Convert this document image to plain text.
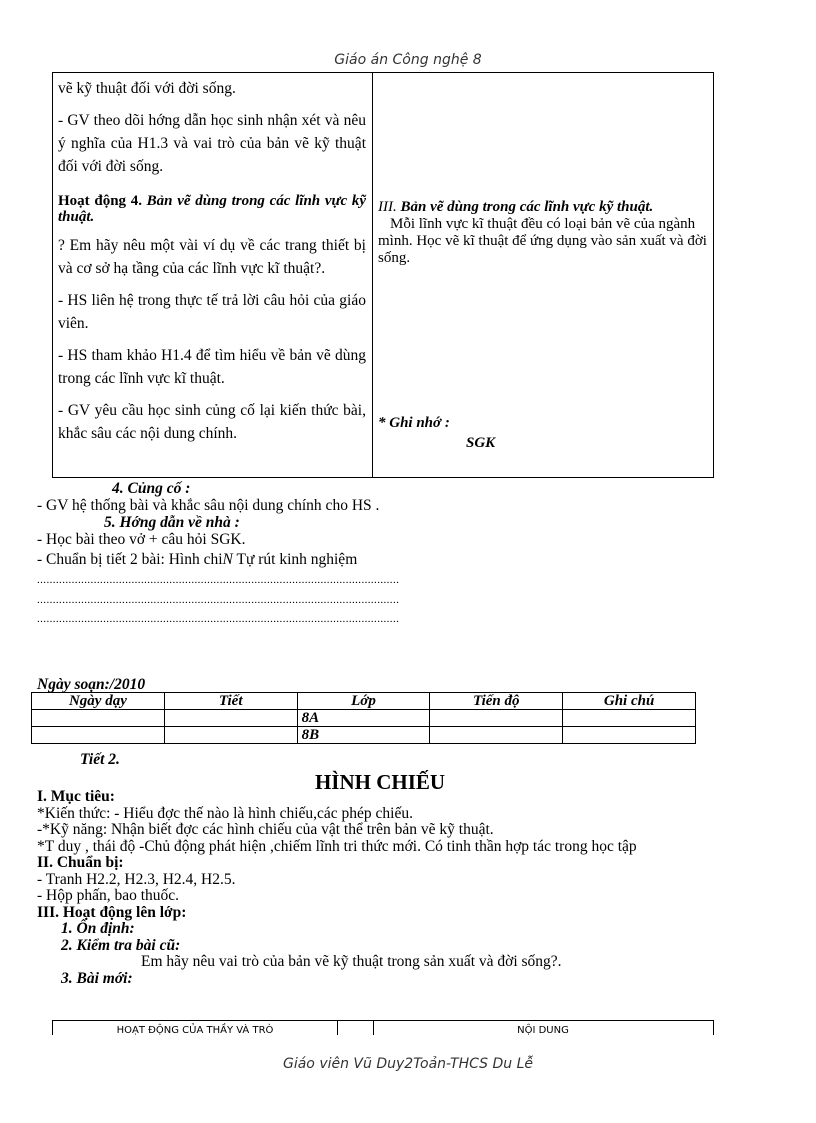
Giáo án Công nghệ 8

vẽ kỹ thuật đối với đời sống.

- GV theo dõi hớng dẫn học sinh nhận xét và nêu ý nghĩa của H1.3 và vai trò của bản vẽ kỹ thuật đối với đời sống.

Hoạt động 4. Bản vẽ dùng trong các lĩnh vực kỹ thuật.

? Em hãy nêu một vài ví dụ về các trang thiết bị và cơ sở hạ tầng của các lĩnh vực kĩ thuật?.

- HS liên hệ trong thực tế trả lời câu hỏi của giáo viên.

- HS tham khảo H1.4 để tìm hiểu về bản vẽ dùng trong các lĩnh vực kĩ thuật.

- GV yêu cầu học sinh củng cố lại kiến thức bài, khắc sâu các nội dung chính.

III. Bản vẽ dùng trong các lĩnh vực kỹ thuật.
Mỗi lĩnh vực kĩ thuật đều có loại bản vẽ của ngành mình. Học vẽ kĩ thuật để ứng dụng vào sản xuất và đời sống.
* Ghi nhớ :
SGK
4. Củng cố :
- GV hệ thống bài và khắc sâu nội dung chính cho HS .
5. Hớng dẫn về nhà :
- Học bài theo vở + câu hỏi SGK.
- Chuẩn bị tiết 2 bài: Hình chiN Tự rút kinh nghiệm
...................................................................................................................
...................................................................................................................
...................................................................................................................
Ngày soạn:/2010
Ngày dạy	Tiết	Lớp	Tiến độ	Ghi chú
		8A		
		8B		
Tiết 2.
HÌNH CHIẾU
I. Mục tiêu:
*Kiến thức: - Hiểu đợc thế nào là hình chiếu,các phép chiếu.
-*Kỹ năng: Nhận biết đợc các hình chiếu của vật thể trên bản vẽ kỹ thuật.
*T duy , thái độ -Chủ động phát hiện ,chiếm lĩnh tri thức mới. Có tinh thần hợp tác trong học tập
II. Chuẩn bị:
- Tranh H2.2, H2.3, H2.4, H2.5.
- Hộp phấn, bao thuốc.
III. Hoạt động lên lớp:
1. Ổn định:
2. Kiểm tra bài cũ:
Em hãy nêu vai trò của bản vẽ kỹ thuật trong sản xuất và đời sống?.
3. Bài mới:
HOẠT ĐỘNG CỦA THẦY VÀ TRÒ	NỘI DUNG
Giáo viên Vũ Duy2Toản-THCS Du Lễ
